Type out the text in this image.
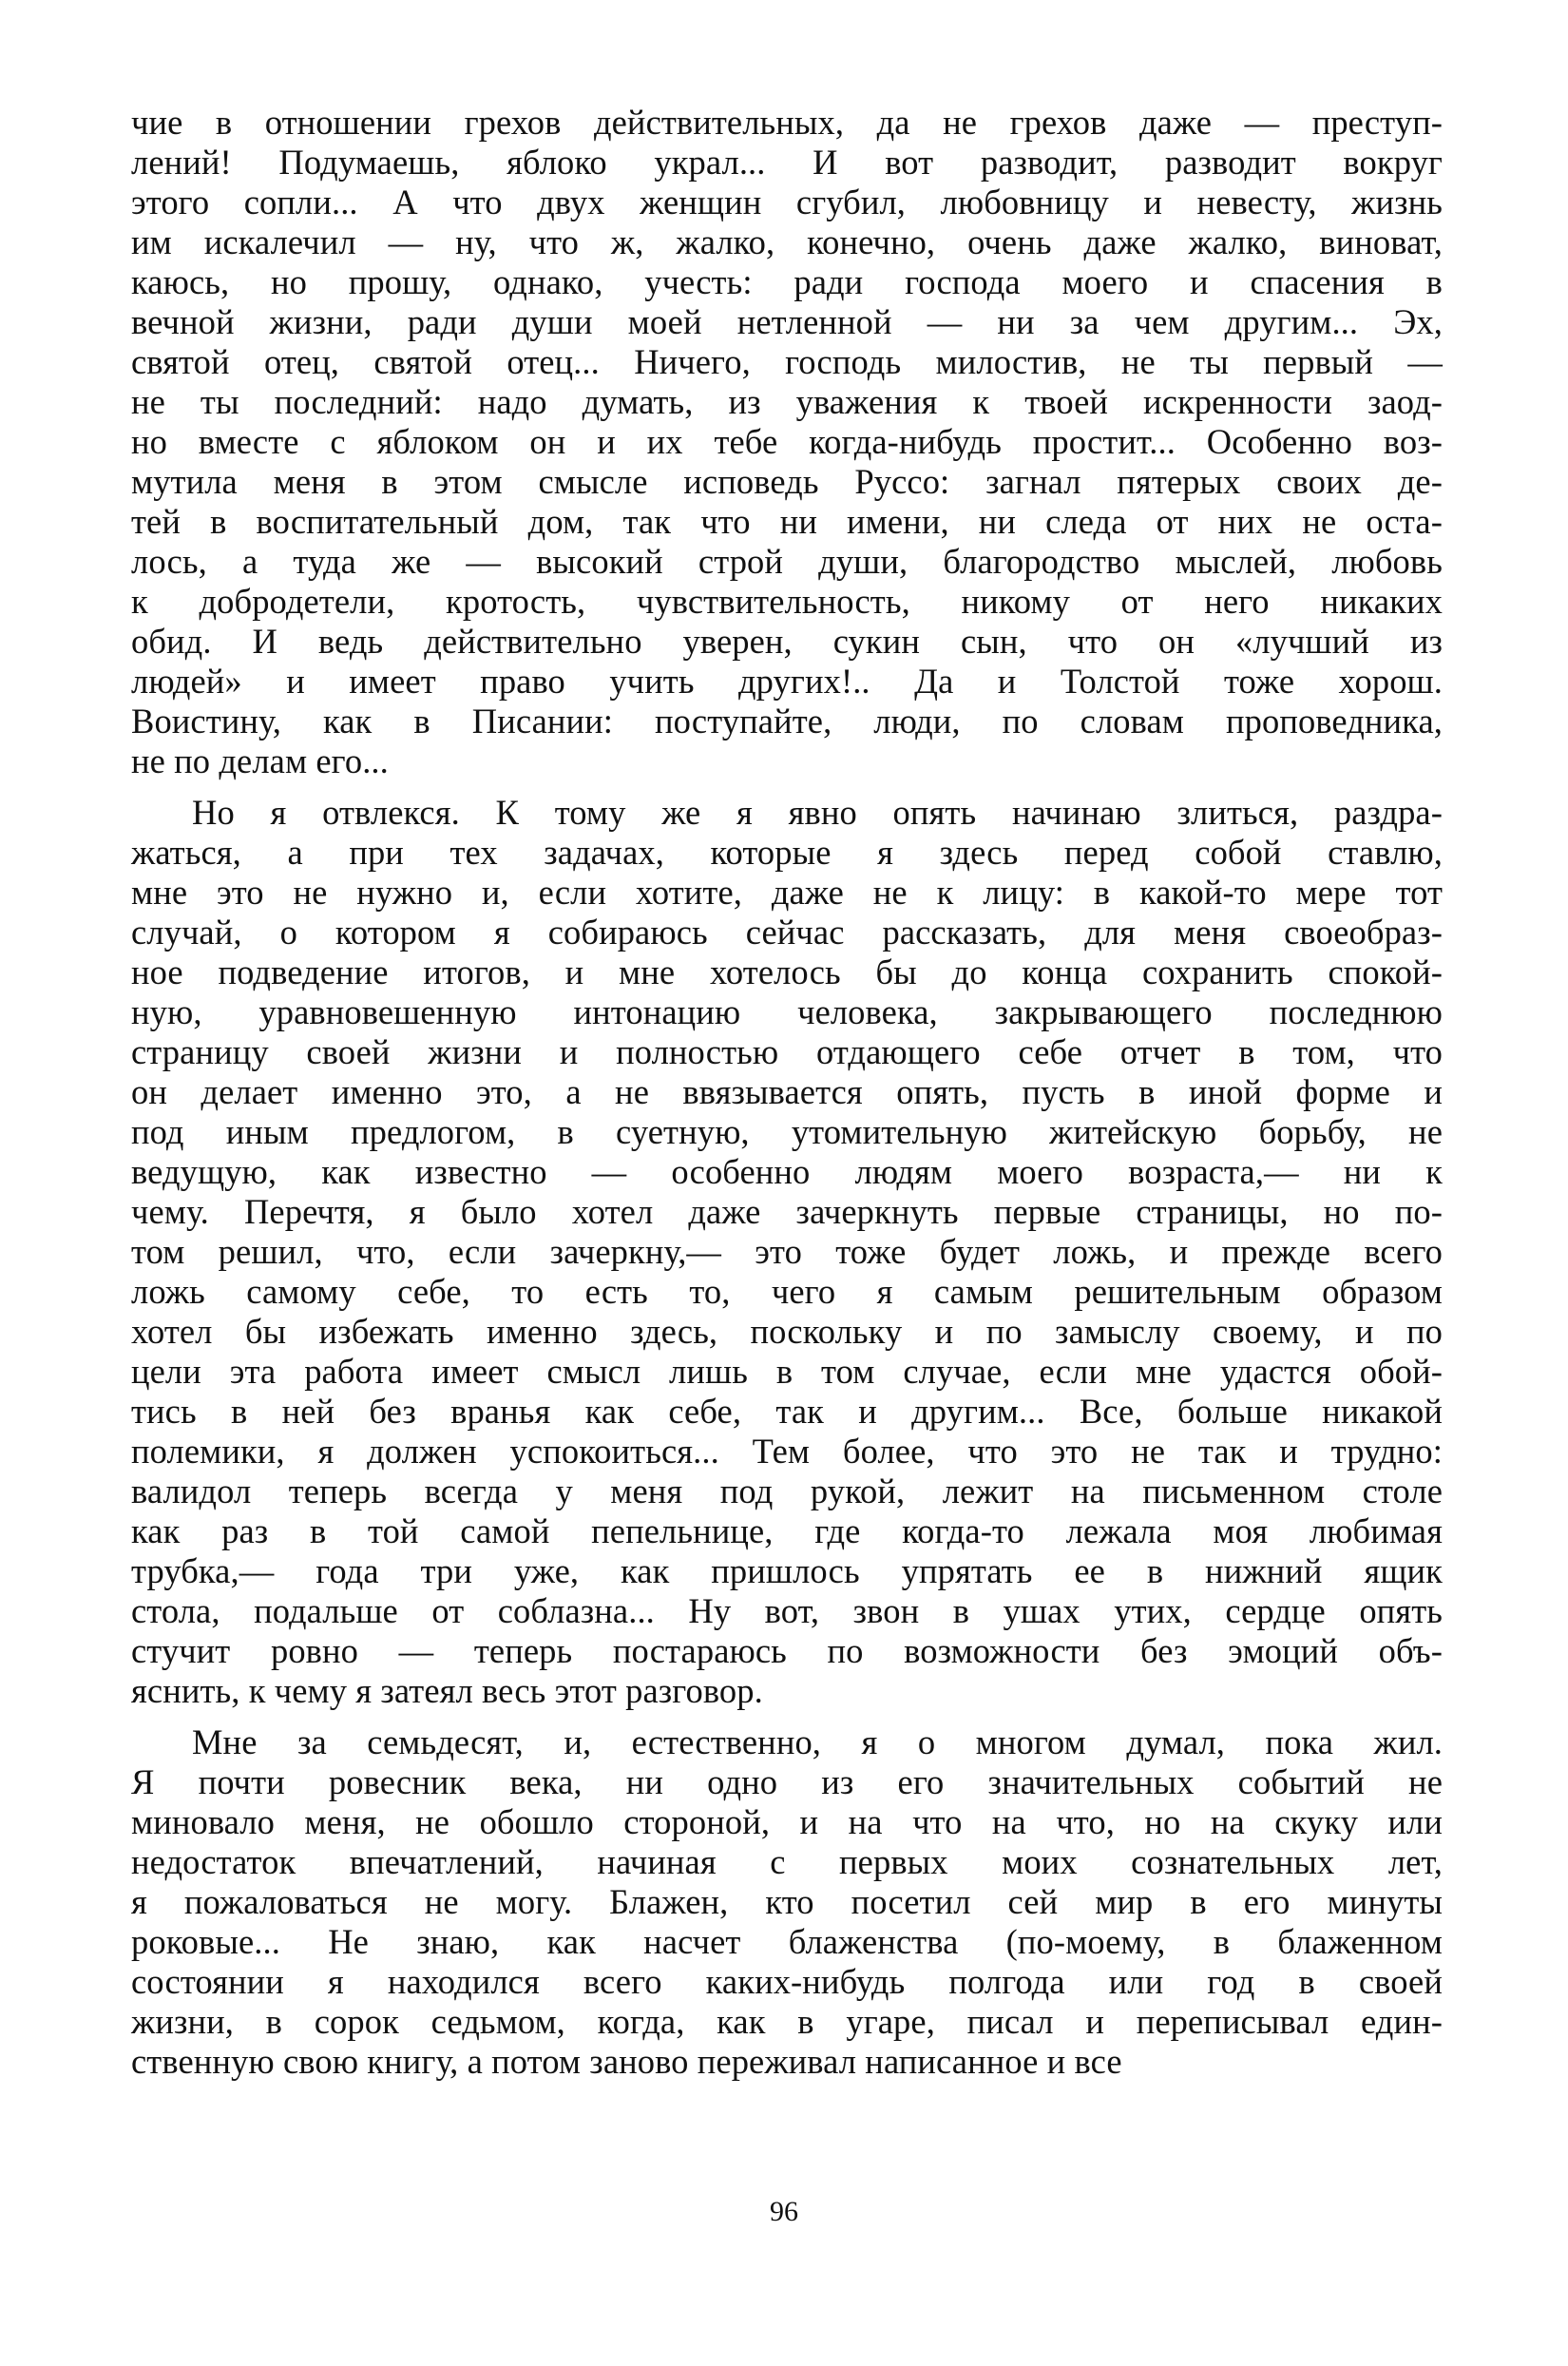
чие в отношении грехов действительных, да не грехов даже — преступ-
лений! Подумаешь, яблоко украл... И вот разводит, разводит вокруг
этого сопли... А что двух женщин сгубил, любовницу и невесту, жизнь
им искалечил — ну, что ж, жалко, конечно, очень даже жалко, виноват,
каюсь, но прошу, однако, учесть: ради господа моего и спасения в
вечной жизни, ради души моей нетленной — ни за чем другим... Эх,
святой отец, святой отец... Ничего, господь милостив, не ты первый —
не ты последний: надо думать, из уважения к твоей искренности заод-
но вместе с яблоком он и их тебе когда-нибудь простит... Особенно воз-
мутила меня в этом смысле исповедь Руссо: загнал пятерых своих де-
тей в воспитательный дом, так что ни имени, ни следа от них не оста-
лось, а туда же — высокий строй души, благородство мыслей, любовь
к добродетели, кротость, чувствительность, никому от него никаких
обид. И ведь действительно уверен, сукин сын, что он «лучший из
людей» и имеет право учить других!.. Да и Толстой тоже хорош.
Воистину, как в Писании: поступайте, люди, по словам проповедника,
не по делам его...
Но я отвлекся. К тому же я явно опять начинаю злиться, раздра-
жаться, а при тех задачах, которые я здесь перед собой ставлю,
мне это не нужно и, если хотите, даже не к лицу: в какой-то мере тот
случай, о котором я собираюсь сейчас рассказать, для меня своеобраз-
ное подведение итогов, и мне хотелось бы до конца сохранить спокой-
ную, уравновешенную интонацию человека, закрывающего последнюю
страницу своей жизни и полностью отдающего себе отчет в том, что
он делает именно это, а не ввязывается опять, пусть в иной форме и
под иным предлогом, в суетную, утомительную житейскую борьбу, не
ведущую, как известно — особенно людям моего возраста,— ни к
чему. Перечтя, я было хотел даже зачеркнуть первые страницы, но по-
том решил, что, если зачеркну,— это тоже будет ложь, и прежде всего
ложь самому себе, то есть то, чего я самым решительным образом
хотел бы избежать именно здесь, поскольку и по замыслу своему, и по
цели эта работа имеет смысл лишь в том случае, если мне удастся обой-
тись в ней без вранья как себе, так и другим... Все, больше никакой
полемики, я должен успокоиться... Тем более, что это не так и трудно:
валидол теперь всегда у меня под рукой, лежит на письменном столе
как раз в той самой пепельнице, где когда-то лежала моя любимая
трубка,— года три уже, как пришлось упрятать ее в нижний ящик
стола, подальше от соблазна... Ну вот, звон в ушах утих, сердце опять
стучит ровно — теперь постараюсь по возможности без эмоций объ-
яснить, к чему я затеял весь этот разговор.
Мне за семьдесят, и, естественно, я о многом думал, пока жил.
Я почти ровесник века, ни одно из его значительных событий не
миновало меня, не обошло стороной, и на что на что, но на скуку или
недостаток впечатлений, начиная с первых моих сознательных лет,
я пожаловаться не могу. Блажен, кто посетил сей мир в его минуты
роковые... Не знаю, как насчет блаженства (по-моему, в блаженном
состоянии я находился всего каких-нибудь полгода или год в своей
жизни, в сорок седьмом, когда, как в угаре, писал и переписывал един-
ственную свою книгу, а потом заново переживал написанное и все
96
